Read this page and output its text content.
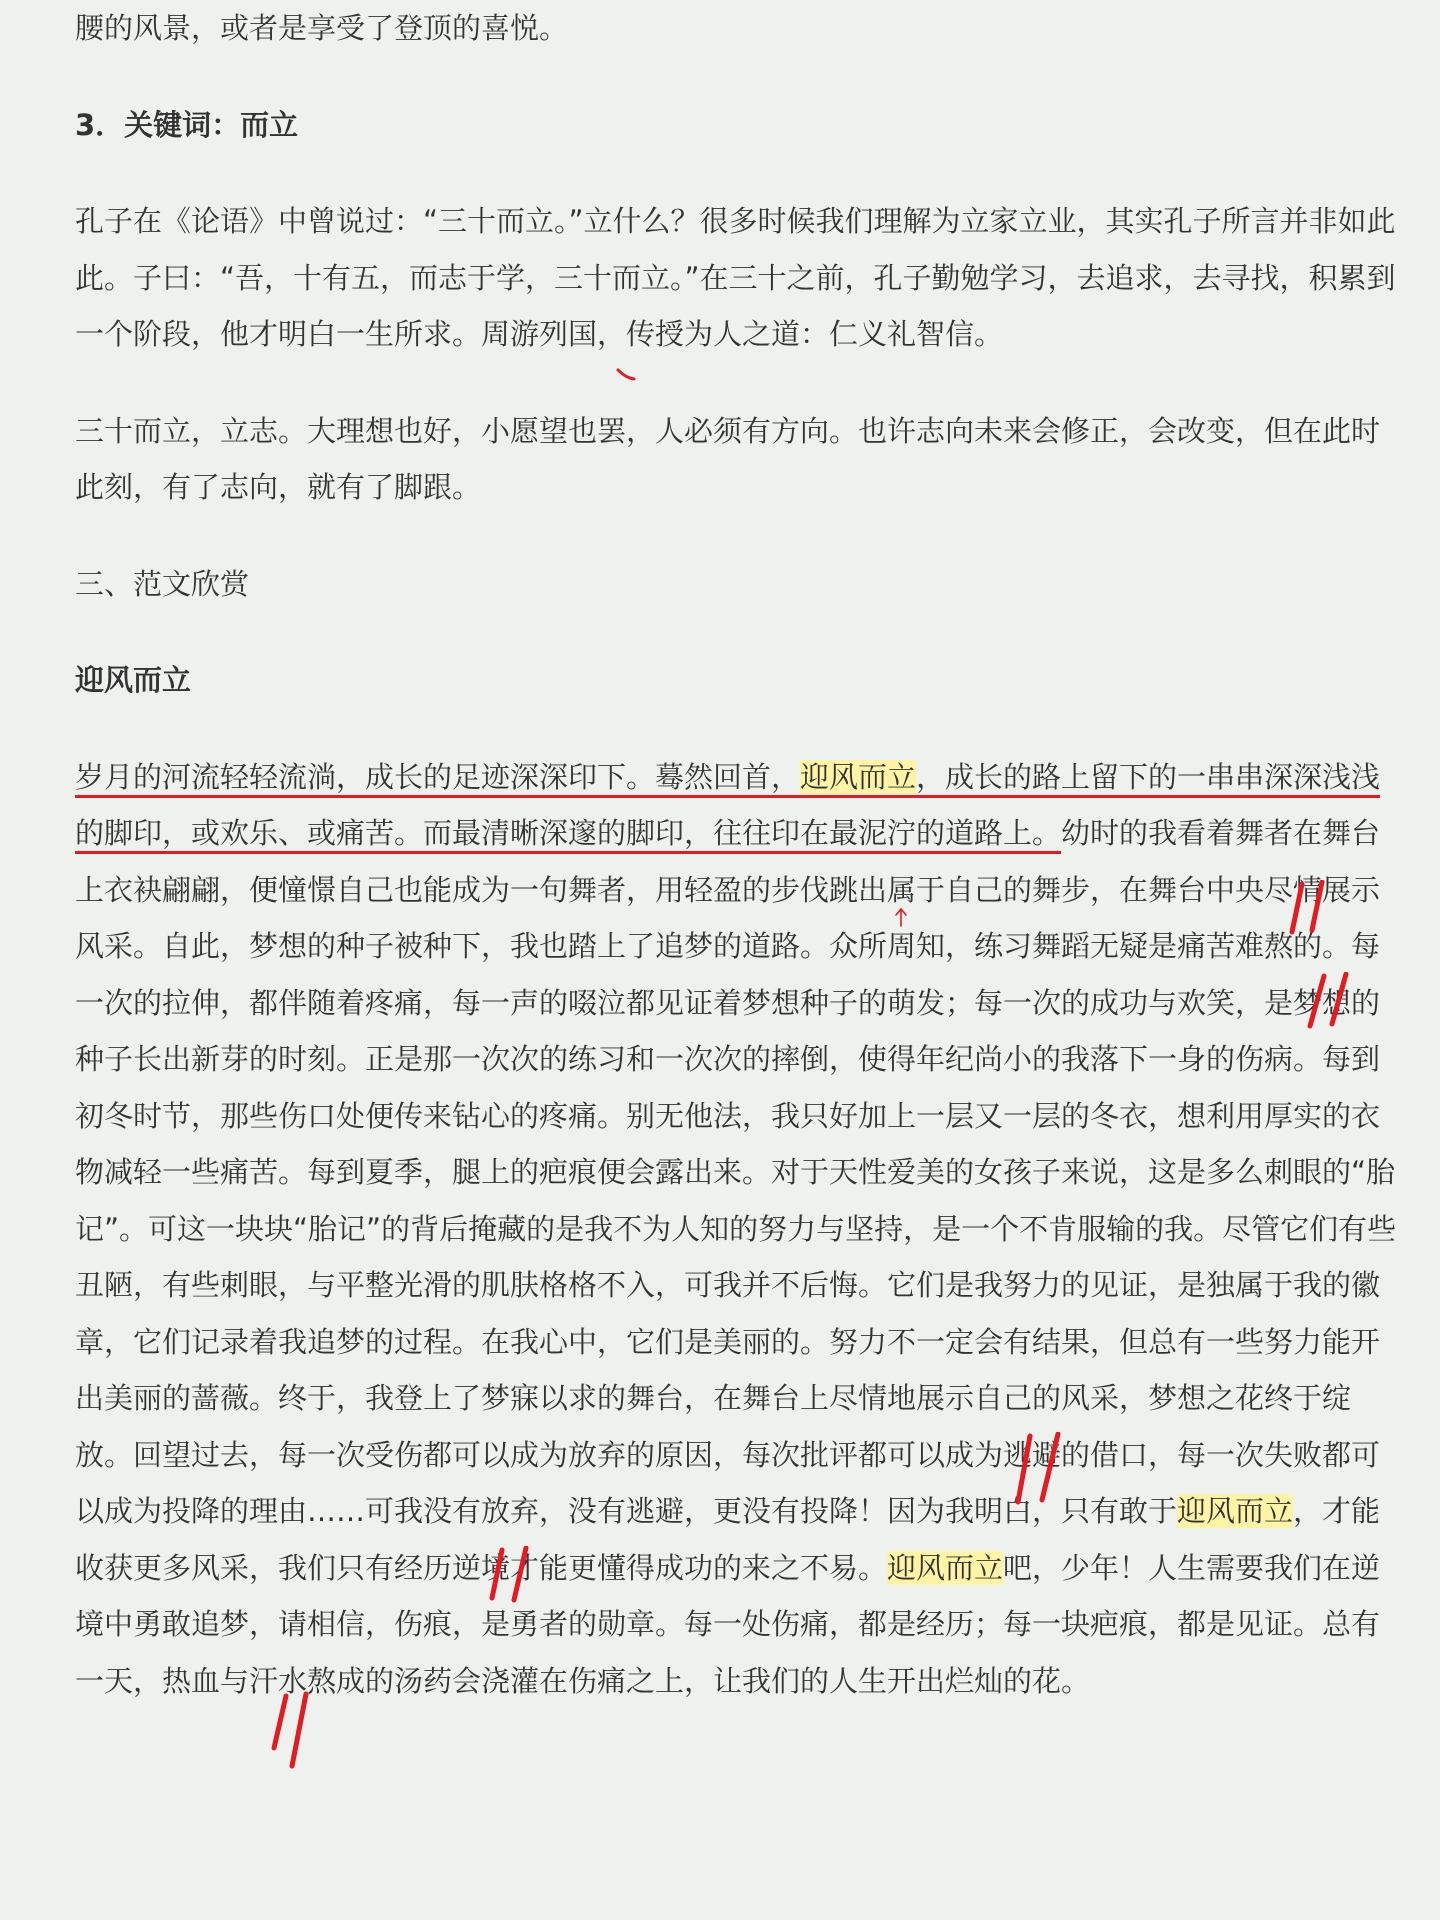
腰的风景，或者是享受了登顶的喜悦。

3．关键词：而立

孔子在《论语》中曾说过：“三十而立。”立什么？很多时候我们理解为立家立业，其实孔子所言并非如此此。子曰：“吾，十有五，而志于学，三十而立。”在三十之前，孔子勤勉学习，去追求，去寻找，积累到一个阶段，他才明白一生所求。周游列国，传授为人之道：仁义礼智信。

三十而立，立志。大理想也好，小愿望也罢，人必须有方向。也许志向未来会修正，会改变，但在此时此刻，有了志向，就有了脚跟。

三、范文欣赏

迎风而立

岁月的河流轻轻流淌，成长的足迹深深印下。蓦然回首，迎风而立，成长的路上留下的一串串深深浅浅的脚印，或欢乐、或痛苦。而最清晰深邃的脚印，往往印在最泥泞的道路上。幼时的我看着舞者在舞台上衣袂翩翩，便憧憬自己也能成为一句舞者，用轻盈的步伐跳出属于自己的舞步，在舞台中央尽情展示风采。自此，梦想的种子被种下，我也踏上了追梦的道路。众所周知，练习舞蹈无疑是痛苦难熬的。每一次的拉伸，都伴随着疼痛，每一声的啜泣都见证着梦想种子的萌发；每一次的成功与欢笑，是梦想的种子长出新芽的时刻。正是那一次次的练习和一次次的摔倒，使得年纪尚小的我落下一身的伤病。每到初冬时节，那些伤口处便传来钻心的疼痛。别无他法，我只好加上一层又一层的冬衣，想利用厚实的衣物减轻一些痛苦。每到夏季，腿上的疤痕便会露出来。对于天性爱美的女孩子来说，这是多么刺眼的“胎记”。可这一块块“胎记”的背后掩藏的是我不为人知的努力与坚持，是一个不肯服输的我。尽管它们有些丑陋，有些刺眼，与平整光滑的肌肤格格不入，可我并不后悔。它们是我努力的见证，是独属于我的徽章，它们记录着我追梦的过程。在我心中，它们是美丽的。努力不一定会有结果，但总有一些努力能开出美丽的蔷薇。终于，我登上了梦寐以求的舞台，在舞台上尽情地展示自己的风采，梦想之花终于绽放。回望过去，每一次受伤都可以成为放弃的原因，每次批评都可以成为逃避的借口，每一次失败都可以成为投降的理由……可我没有放弃，没有逃避，更没有投降！因为我明白，只有敢于迎风而立，才能收获更多风采，我们只有经历逆境才能更懂得成功的来之不易。迎风而立吧，少年！人生需要我们在逆境中勇敢追梦，请相信，伤痕，是勇者的勋章。每一处伤痛，都是经历；每一块疤痕，都是见证。总有一天，热血与汗水熬成的汤药会浇灌在伤痛之上，让我们的人生开出烂灿的花。
